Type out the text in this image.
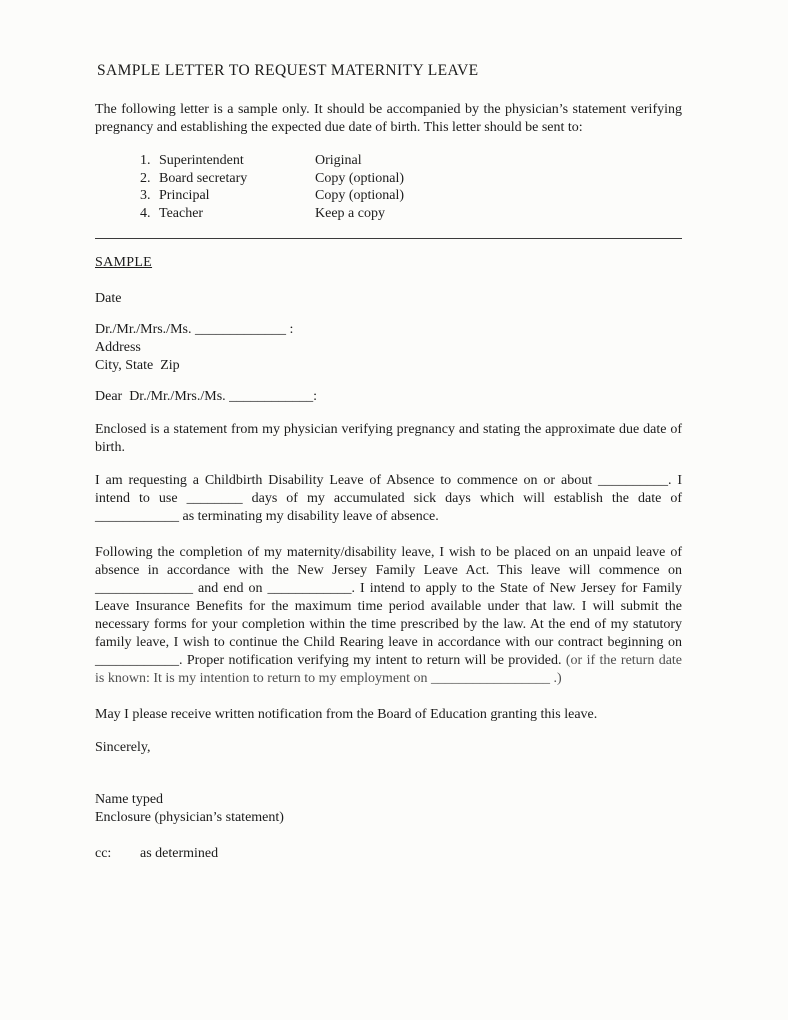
SAMPLE LETTER TO REQUEST MATERNITY LEAVE

The following letter is a sample only. It should be accompanied by the physician’s statement verifying pregnancy and establishing the expected due date of birth. This letter should be sent to:

1. Superintendent	Original
2. Board secretary	Copy (optional)
3. Principal	Copy (optional)
4. Teacher	Keep a copy
SAMPLE
Date
Dr./Mr./Mrs./Ms. _____________ :
Address
City, State  Zip
Dear  Dr./Mr./Mrs./Ms. ____________:

Enclosed is a statement from my physician verifying pregnancy and stating the approximate due date of birth.

I am requesting a Childbirth Disability Leave of Absence to commence on or about __________. I intend to use ________ days of my accumulated sick days which will establish the date of ____________ as terminating my disability leave of absence.

Following the completion of my maternity/disability leave, I wish to be placed on an unpaid leave of absence in accordance with the New Jersey Family Leave Act. This leave will commence on ______________ and end on ____________. I intend to apply to the State of New Jersey for Family Leave Insurance Benefits for the maximum time period available under that law. I will submit the necessary forms for your completion within the time prescribed by the law. At the end of my statutory family leave, I wish to continue the Child Rearing leave in accordance with our contract beginning on ____________. Proper notification verifying my intent to return will be provided. (or if the return date is known: It is my intention to return to my employment on _________________ .)

May I please receive written notification from the Board of Education granting this leave.

Sincerely,
Name typed
Enclosure (physician’s statement)
cc:	as determined
